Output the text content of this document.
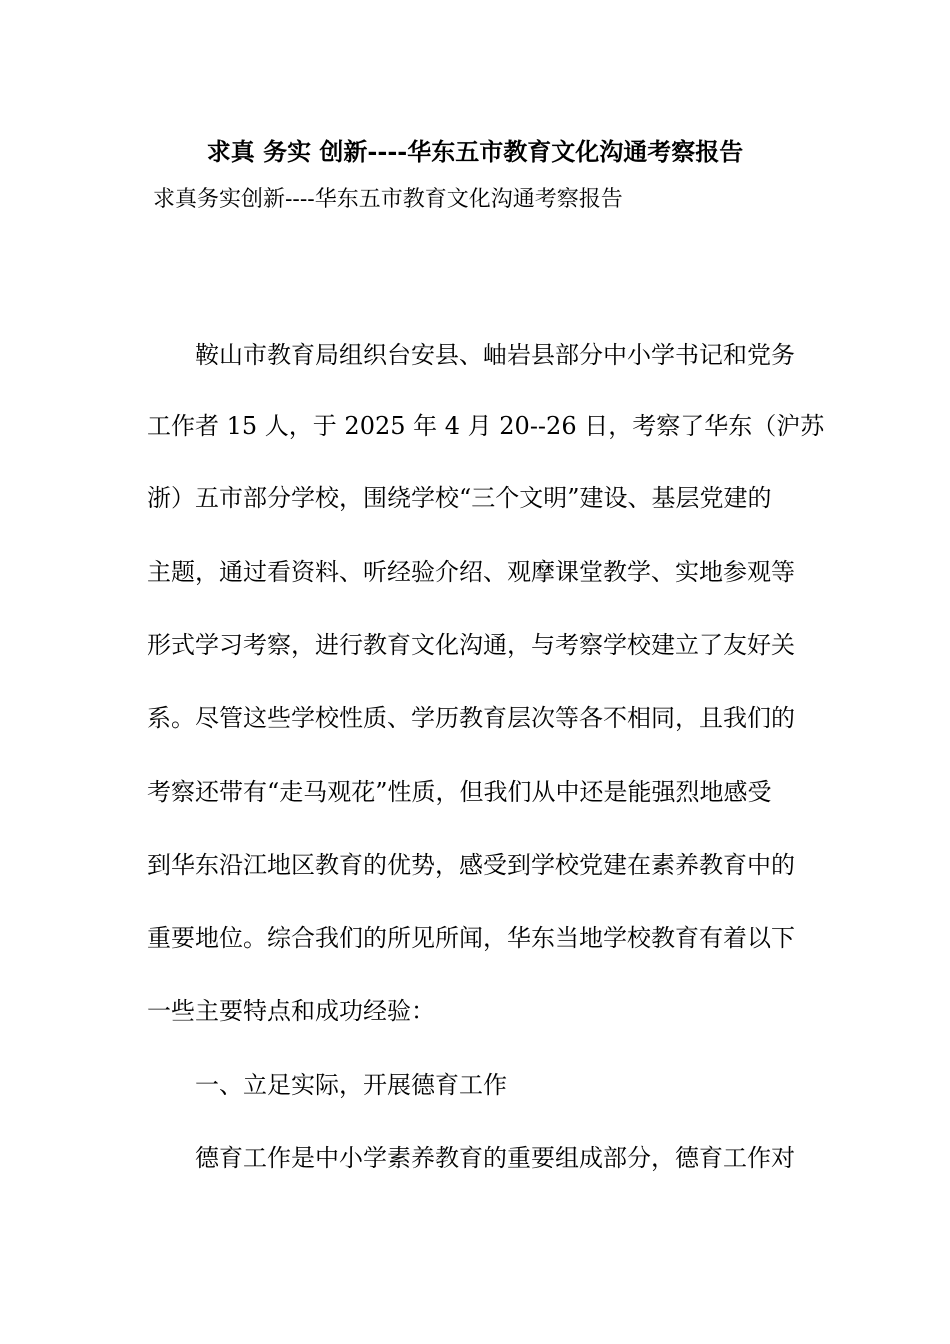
求真 务实 创新----华东五市教育文化沟通考察报告
求真务实创新----华东五市教育文化沟通考察报告
鞍山市教育局组织台安县、岫岩县部分中小学书记和党务
工作者 15 人，于 2025 年 4 月 20--26 日，考察了华东（沪苏
浙）五市部分学校，围绕学校“三个文明”建设、基层党建的
主题，通过看资料、听经验介绍、观摩课堂教学、实地参观等
形式学习考察，进行教育文化沟通，与考察学校建立了友好关
系。尽管这些学校性质、学历教育层次等各不相同，且我们的
考察还带有“走马观花”性质，但我们从中还是能强烈地感受
到华东沿江地区教育的优势，感受到学校党建在素养教育中的
重要地位。综合我们的所见所闻，华东当地学校教育有着以下
一些主要特点和成功经验：
一、立足实际，开展德育工作
德育工作是中小学素养教育的重要组成部分，德育工作对
